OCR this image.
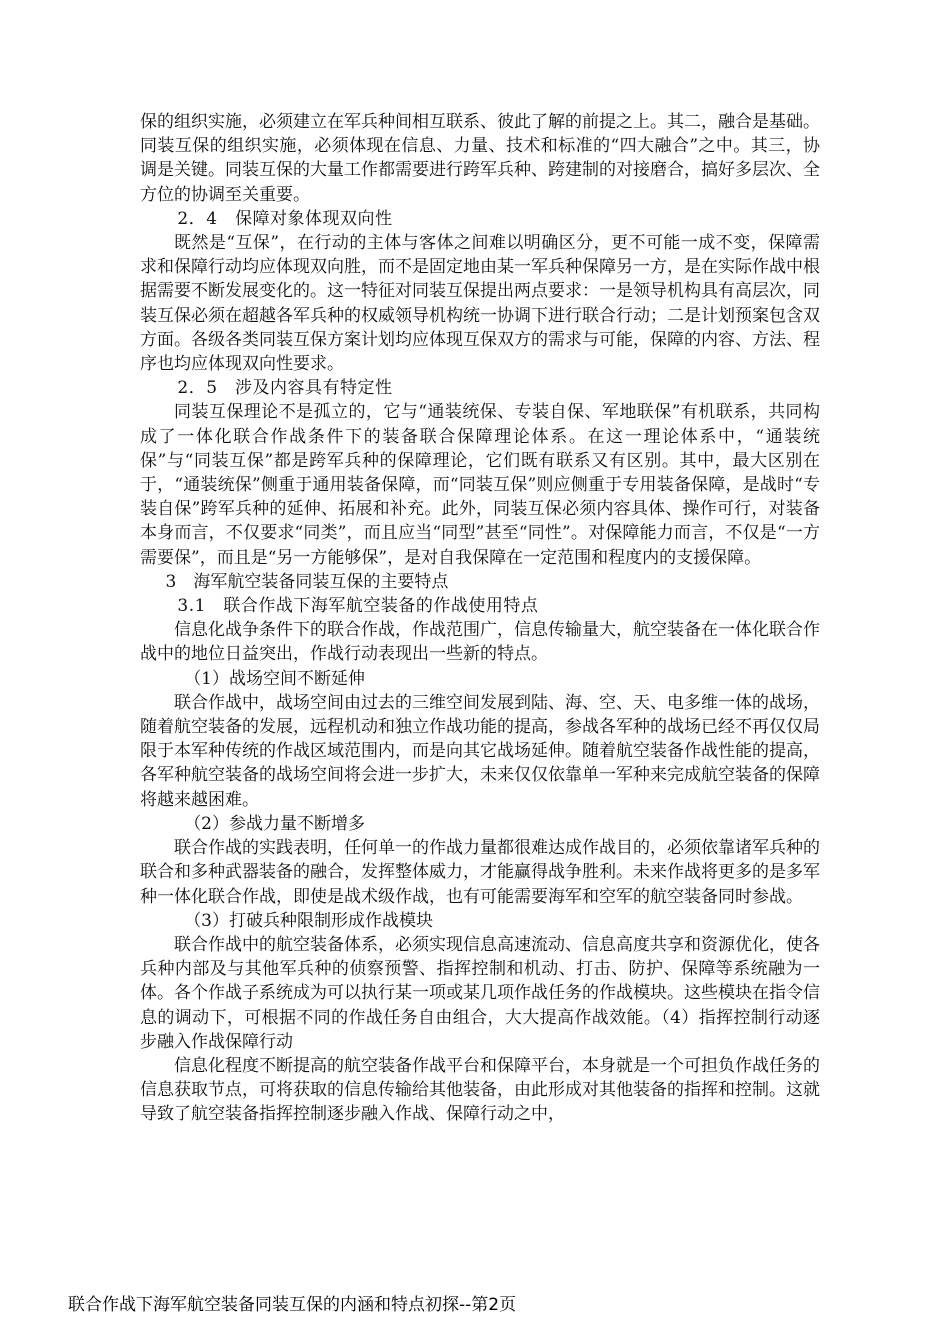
保的组织实施，必须建立在军兵种间相互联系、彼此了解的前提之上。其二，融合是基础。同装互保的组织实施，必须体现在信息、力量、技术和标准的“四大融合”之中。其三，协调是关键。同装互保的大量工作都需要进行跨军兵种、跨建制的对接磨合，搞好多层次、全方位的协调至关重要。

2．4　保障对象体现双向性

既然是“互保”，在行动的主体与客体之间难以明确区分，更不可能一成不变，保障需求和保障行动均应体现双向胜，而不是固定地由某一军兵种保障另一方，是在实际作战中根据需要不断发展变化的。这一特征对同装互保提出两点要求：一是领导机构具有高层次，同装互保必须在超越各军兵种的权威领导机构统一协调下进行联合行动；二是计划预案包含双方面。各级各类同装互保方案计划均应体现互保双方的需求与可能，保障的内容、方法、程序也均应体现双向性要求。

2．5　涉及内容具有特定性

同装互保理论不是孤立的，它与“通装统保、专装自保、军地联保”有机联系，共同构成了一体化联合作战条件下的装备联合保障理论体系。在这一理论体系中，“通装统保”与“同装互保”都是跨军兵种的保障理论，它们既有联系又有区别。其中，最大区别在于，“通装统保”侧重于通用装备保障，而“同装互保”则应侧重于专用装备保障，是战时“专装自保”跨军兵种的延伸、拓展和补充。此外，同装互保必须内容具体、操作可行，对装备本身而言，不仅要求“同类”，而且应当“同型”甚至“同性”。对保障能力而言，不仅是“一方需要保”，而且是“另一方能够保”，是对自我保障在一定范围和程度内的支援保障。

3　海军航空装备同装互保的主要特点

3.1　联合作战下海军航空装备的作战使用特点

信息化战争条件下的联合作战，作战范围广，信息传输量大，航空装备在一体化联合作战中的地位日益突出，作战行动表现出一些新的特点。

（1）战场空间不断延伸

联合作战中，战场空间由过去的三维空间发展到陆、海、空、天、电多维一体的战场，随着航空装备的发展，远程机动和独立作战功能的提高，参战各军种的战场已经不再仅仅局限于本军种传统的作战区域范围内，而是向其它战场延伸。随着航空装备作战性能的提高，各军种航空装备的战场空间将会进一步扩大，未来仅仅依靠单一军种来完成航空装备的保障将越来越困难。

（2）参战力量不断增多

联合作战的实践表明，任何单一的作战力量都很难达成作战目的，必须依靠诸军兵种的联合和多种武器装备的融合，发挥整体威力，才能赢得战争胜利。未来作战将更多的是多军种一体化联合作战，即使是战术级作战，也有可能需要海军和空军的航空装备同时参战。

（3）打破兵种限制形成作战模块

联合作战中的航空装备体系，必须实现信息高速流动、信息高度共享和资源优化，使各兵种内部及与其他军兵种的侦察预警、指挥控制和机动、打击、防护、保障等系统融为一体。各个作战子系统成为可以执行某一项或某几项作战任务的作战模块。这些模块在指令信息的调动下，可根据不同的作战任务自由组合，大大提高作战效能。（4）指挥控制行动逐步融入作战保障行动

信息化程度不断提高的航空装备作战平台和保障平台，本身就是一个可担负作战任务的信息获取节点，可将获取的信息传输给其他装备，由此形成对其他装备的指挥和控制。这就导致了航空装备指挥控制逐步融入作战、保障行动之中，

联合作战下海军航空装备同装互保的内涵和特点初探--第2页
